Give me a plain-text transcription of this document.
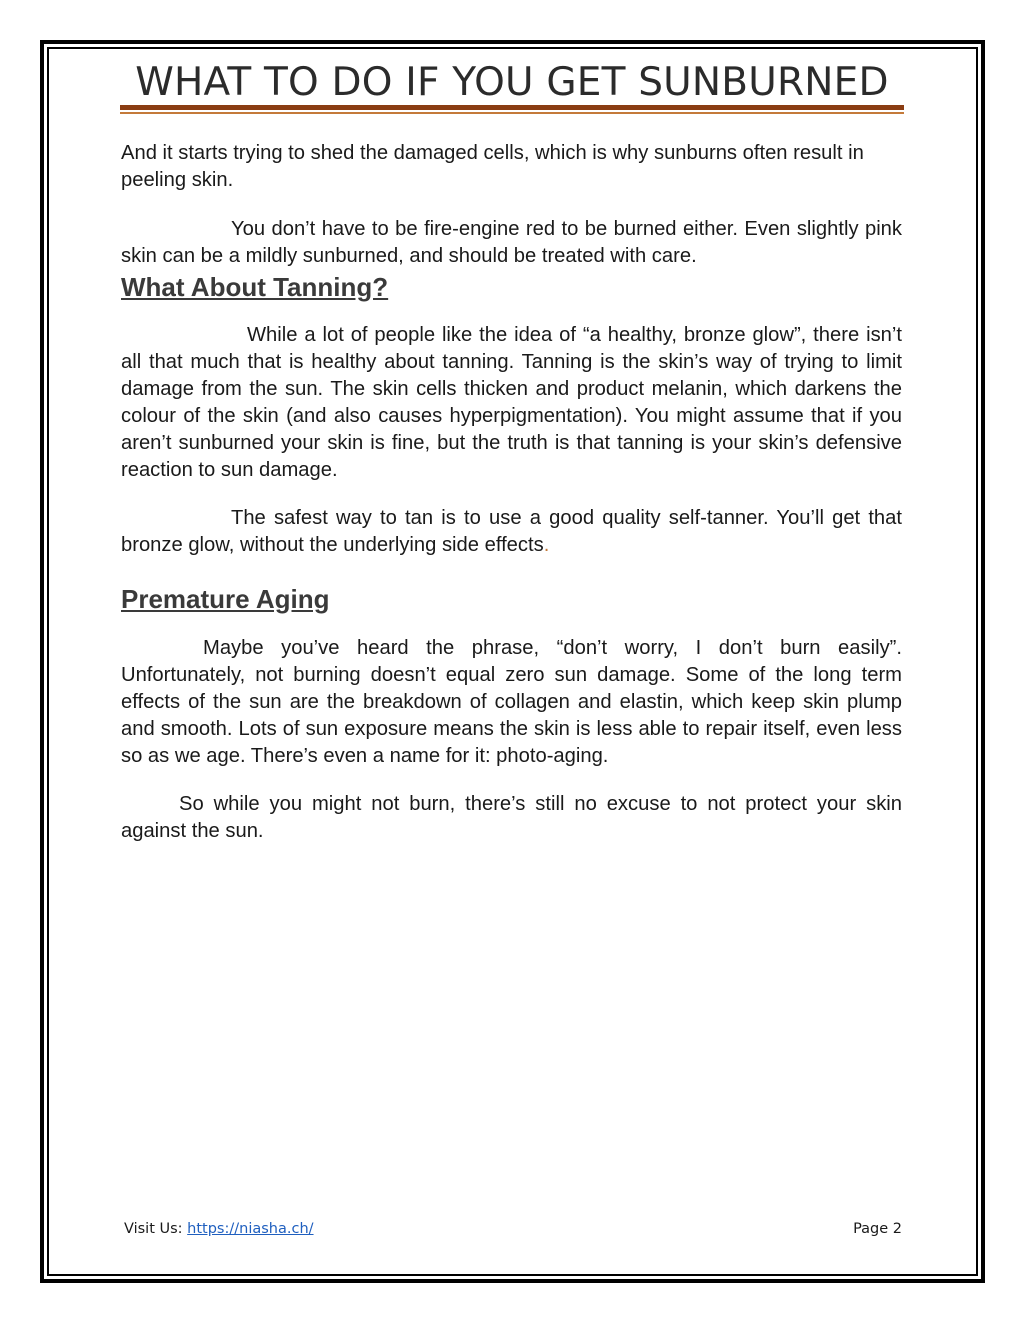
WHAT TO DO IF YOU GET SUNBURNED

And it starts trying to shed the damaged cells, which is why sunburns often result in peeling skin.

You don’t have to be fire-engine red to be burned either. Even slightly pink skin can be a mildly sunburned, and should be treated with care.

What About Tanning?

While a lot of people like the idea of “a healthy, bronze glow”, there isn’t all that much that is healthy about tanning. Tanning is the skin’s way of trying to limit damage from the sun. The skin cells thicken and product melanin, which darkens the colour of the skin (and also causes hyperpigmentation). You might assume that if you aren’t sunburned your skin is fine, but the truth is that tanning is your skin’s defensive reaction to sun damage.

The safest way to tan is to use a good quality self-tanner. You’ll get that bronze glow, without the underlying side effects.

Premature Aging

Maybe you’ve heard the phrase, “don’t worry, I don’t burn easily”. Unfortunately, not burning doesn’t equal zero sun damage. Some of the long term effects of the sun are the breakdown of collagen and elastin, which keep skin plump and smooth. Lots of sun exposure means the skin is less able to repair itself, even less so as we age. There’s even a name for it: photo-aging.

So while you might not burn, there’s still no excuse to not protect your skin against the sun.

Visit Us: https://niasha.ch/	Page 2
